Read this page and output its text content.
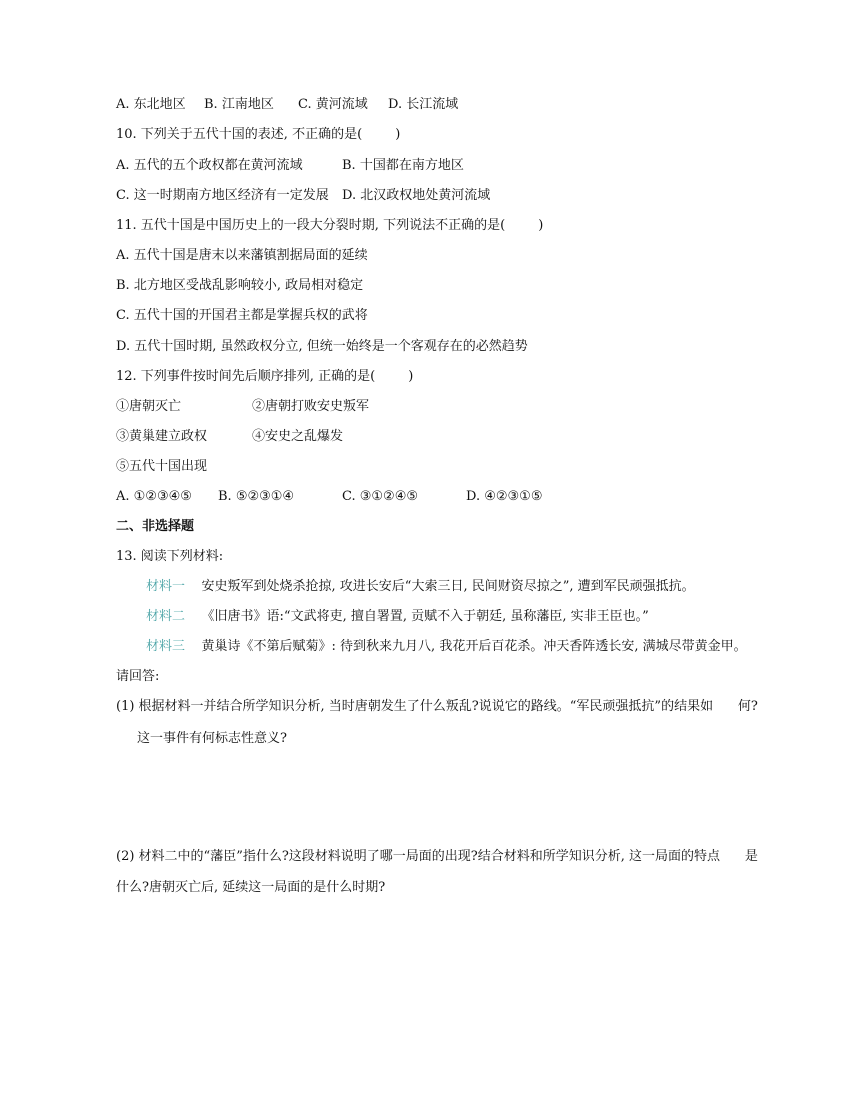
A. 东北地区 B. 江南地区 C. 黄河流域 D. 长江流域
10. 下列关于五代十国的表述, 不正确的是(        )
A. 五代的五个政权都在黄河流域	B. 十国都在南方地区
C. 这一时期南方地区经济有一定发展 D. 北汉政权地处黄河流域
11. 五代十国是中国历史上的一段大分裂时期, 下列说法不正确的是(        )
A. 五代十国是唐末以来藩镇割据局面的延续
B. 北方地区受战乱影响较小, 政局相对稳定
C. 五代十国的开国君主都是掌握兵权的武将
D. 五代十国时期, 虽然政权分立, 但统一始终是一个客观存在的必然趋势
12. 下列事件按时间先后顺序排列, 正确的是(        )
①唐朝灭亡	②唐朝打败安史叛军
③黄巢建立政权	④安史之乱爆发
⑤五代十国出现
A. ①②③④⑤ B. ⑤②③①④	C. ③①②④⑤	D. ④②③①⑤
二、非选择题
13. 阅读下列材料:
材料一 安史叛军到处烧杀抢掠, 攻进长安后“大索三日, 民间财资尽掠之”, 遭到军民顽强抵抗。
材料二 《旧唐书》语:“文武将吏, 擅自署置, 贡赋不入于朝廷, 虽称藩臣, 实非王臣也。”
材料三 黄巢诗《不第后赋菊》: 待到秋来九月八, 我花开后百花杀。冲天香阵透长安, 满城尽带黄金甲。
请回答:
(1) 根据材料一并结合所学知识分析, 当时唐朝发生了什么叛乱?说说它的路线。“军民顽强抵抗”的结果如      何?
这一事件有何标志性意义?
(2) 材料二中的“藩臣”指什么?这段材料说明了哪一局面的出现?结合材料和所学知识分析, 这一局面的特点      是
什么?唐朝灭亡后, 延续这一局面的是什么时期?
